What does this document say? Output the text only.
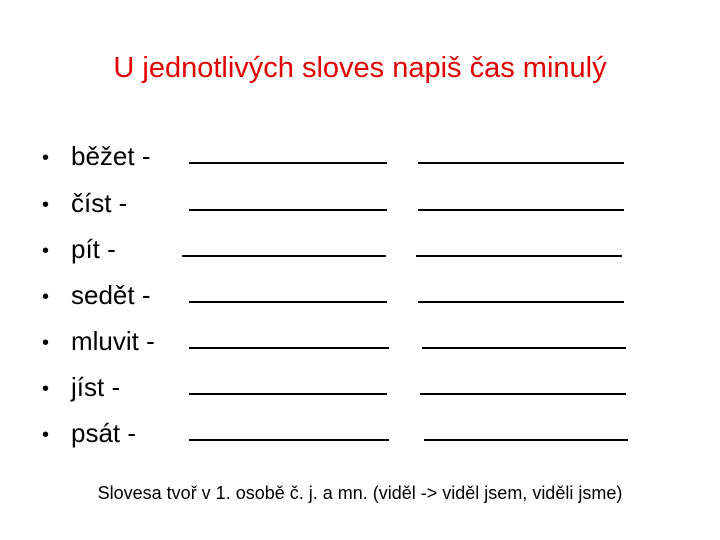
U jednotlivých sloves napiš čas minulý
• běžet -
• číst -
• pít -
• sedět -
• mluvit -
• jíst -
• psát -
Slovesa tvoř v 1. osobě č. j. a mn. (viděl -> viděl jsem, viděli jsme)
